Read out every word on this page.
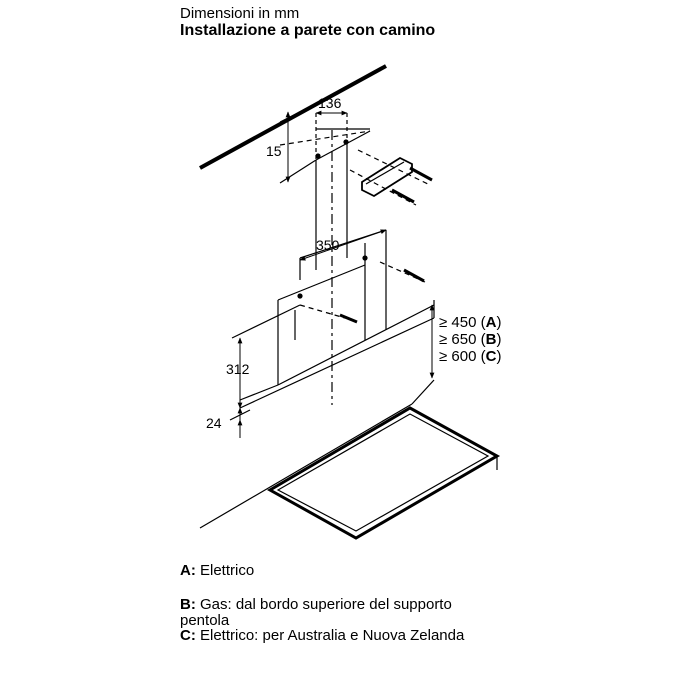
Dimensioni in mm
Installazione a parete con camino
136
15
350
312
24
≥ 450 (A)
≥ 650 (B)
≥ 600 (C)
A: Elettrico
B: Gas: dal bordo superiore del supporto pentola
C: Elettrico: per Australia e Nuova Zelanda
